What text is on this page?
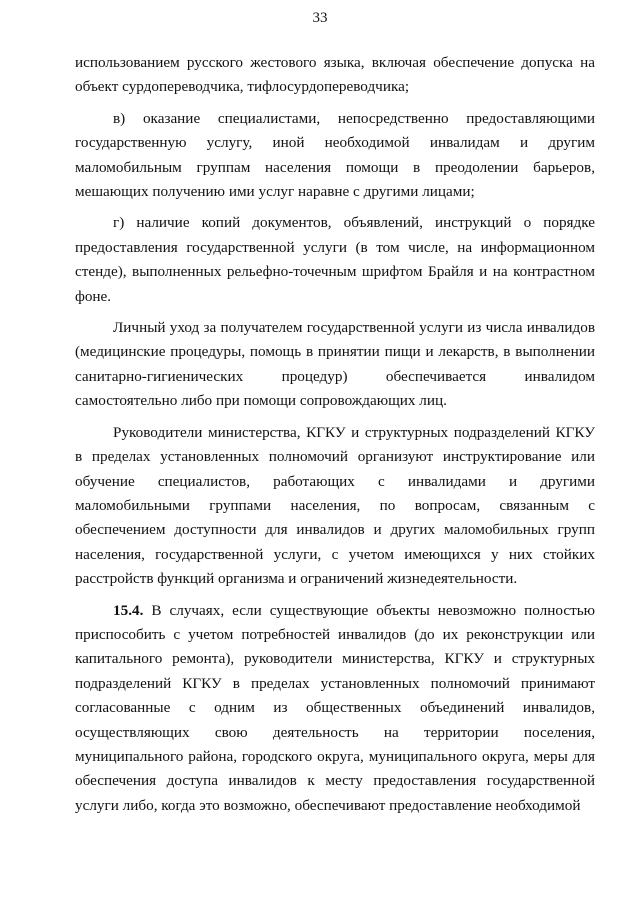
33

использованием русского жестового языка, включая обеспечение допуска на объект сурдопереводчика, тифлосурдопереводчика;

в) оказание специалистами, непосредственно предоставляющими государственную услугу, иной необходимой инвалидам и другим маломобильным группам населения помощи в преодолении барьеров, мешающих получению ими услуг наравне с другими лицами;

г) наличие копий документов, объявлений, инструкций о порядке предоставления государственной услуги (в том числе, на информационном стенде), выполненных рельефно-точечным шрифтом Брайля и на контрастном фоне.

Личный уход за получателем государственной услуги из числа инвалидов (медицинские процедуры, помощь в принятии пищи и лекарств, в выполнении санитарно-гигиенических процедур) обеспечивается инвалидом самостоятельно либо при помощи сопровождающих лиц.

Руководители министерства, КГКУ и структурных подразделений КГКУ в пределах установленных полномочий организуют инструктирование или обучение специалистов, работающих с инвалидами и другими маломобильными группами населения, по вопросам, связанным с обеспечением доступности для инвалидов и других маломобильных групп населения, государственной услуги, с учетом имеющихся у них стойких расстройств функций организма и ограничений жизнедеятельности.

15.4. В случаях, если существующие объекты невозможно полностью приспособить с учетом потребностей инвалидов (до их реконструкции или капитального ремонта), руководители министерства, КГКУ и структурных подразделений КГКУ в пределах установленных полномочий принимают согласованные с одним из общественных объединений инвалидов, осуществляющих свою деятельность на территории поселения, муниципального района, городского округа, муниципального округа, меры для обеспечения доступа инвалидов к месту предоставления государственной услуги либо, когда это возможно, обеспечивают предоставление необходимой
